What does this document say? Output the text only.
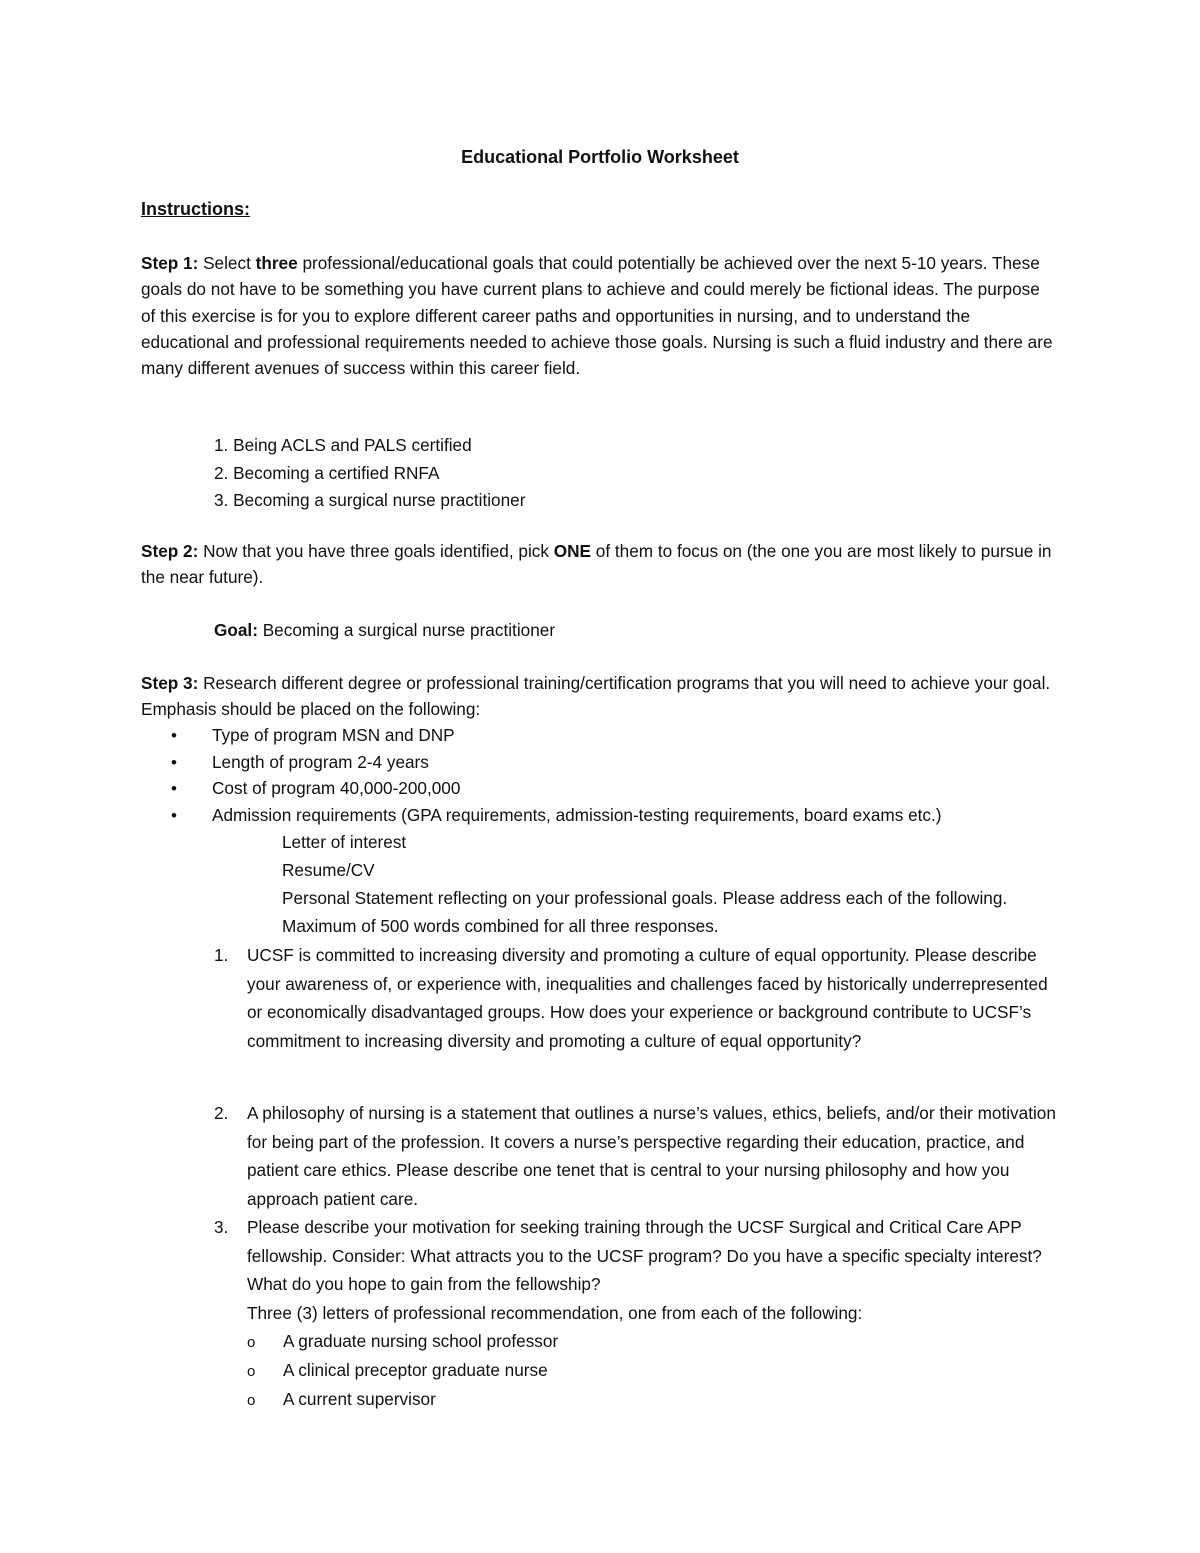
Educational Portfolio Worksheet
Instructions:
Step 1: Select three professional/educational goals that could potentially be achieved over the next 5-10 years. These goals do not have to be something you have current plans to achieve and could merely be fictional ideas. The purpose of this exercise is for you to explore different career paths and opportunities in nursing, and to understand the educational and professional requirements needed to achieve those goals. Nursing is such a fluid industry and there are many different avenues of success within this career field.
1. Being ACLS and PALS certified
2. Becoming a certified RNFA
3. Becoming a surgical nurse practitioner
Step 2: Now that you have three goals identified, pick ONE of them to focus on (the one you are most likely to pursue in the near future).
Goal: Becoming a surgical nurse practitioner
Step 3: Research different degree or professional training/certification programs that you will need to achieve your goal. Emphasis should be placed on the following:
• Type of program MSN and DNP
• Length of program 2-4 years
• Cost of program 40,000-200,000
• Admission requirements (GPA requirements, admission-testing requirements, board exams etc.)
Letter of interest
Resume/CV
Personal Statement reflecting on your professional goals. Please address each of the following. Maximum of 500 words combined for all three responses.
1. UCSF is committed to increasing diversity and promoting a culture of equal opportunity. Please describe your awareness of, or experience with, inequalities and challenges faced by historically underrepresented or economically disadvantaged groups. How does your experience or background contribute to UCSF’s commitment to increasing diversity and promoting a culture of equal opportunity?
2. A philosophy of nursing is a statement that outlines a nurse’s values, ethics, beliefs, and/or their motivation for being part of the profession. It covers a nurse’s perspective regarding their education, practice, and patient care ethics. Please describe one tenet that is central to your nursing philosophy and how you approach patient care.
3. Please describe your motivation for seeking training through the UCSF Surgical and Critical Care APP fellowship. Consider: What attracts you to the UCSF program? Do you have a specific specialty interest? What do you hope to gain from the fellowship?
Three (3) letters of professional recommendation, one from each of the following:
o A graduate nursing school professor
o A clinical preceptor graduate nurse
o A current supervisor
